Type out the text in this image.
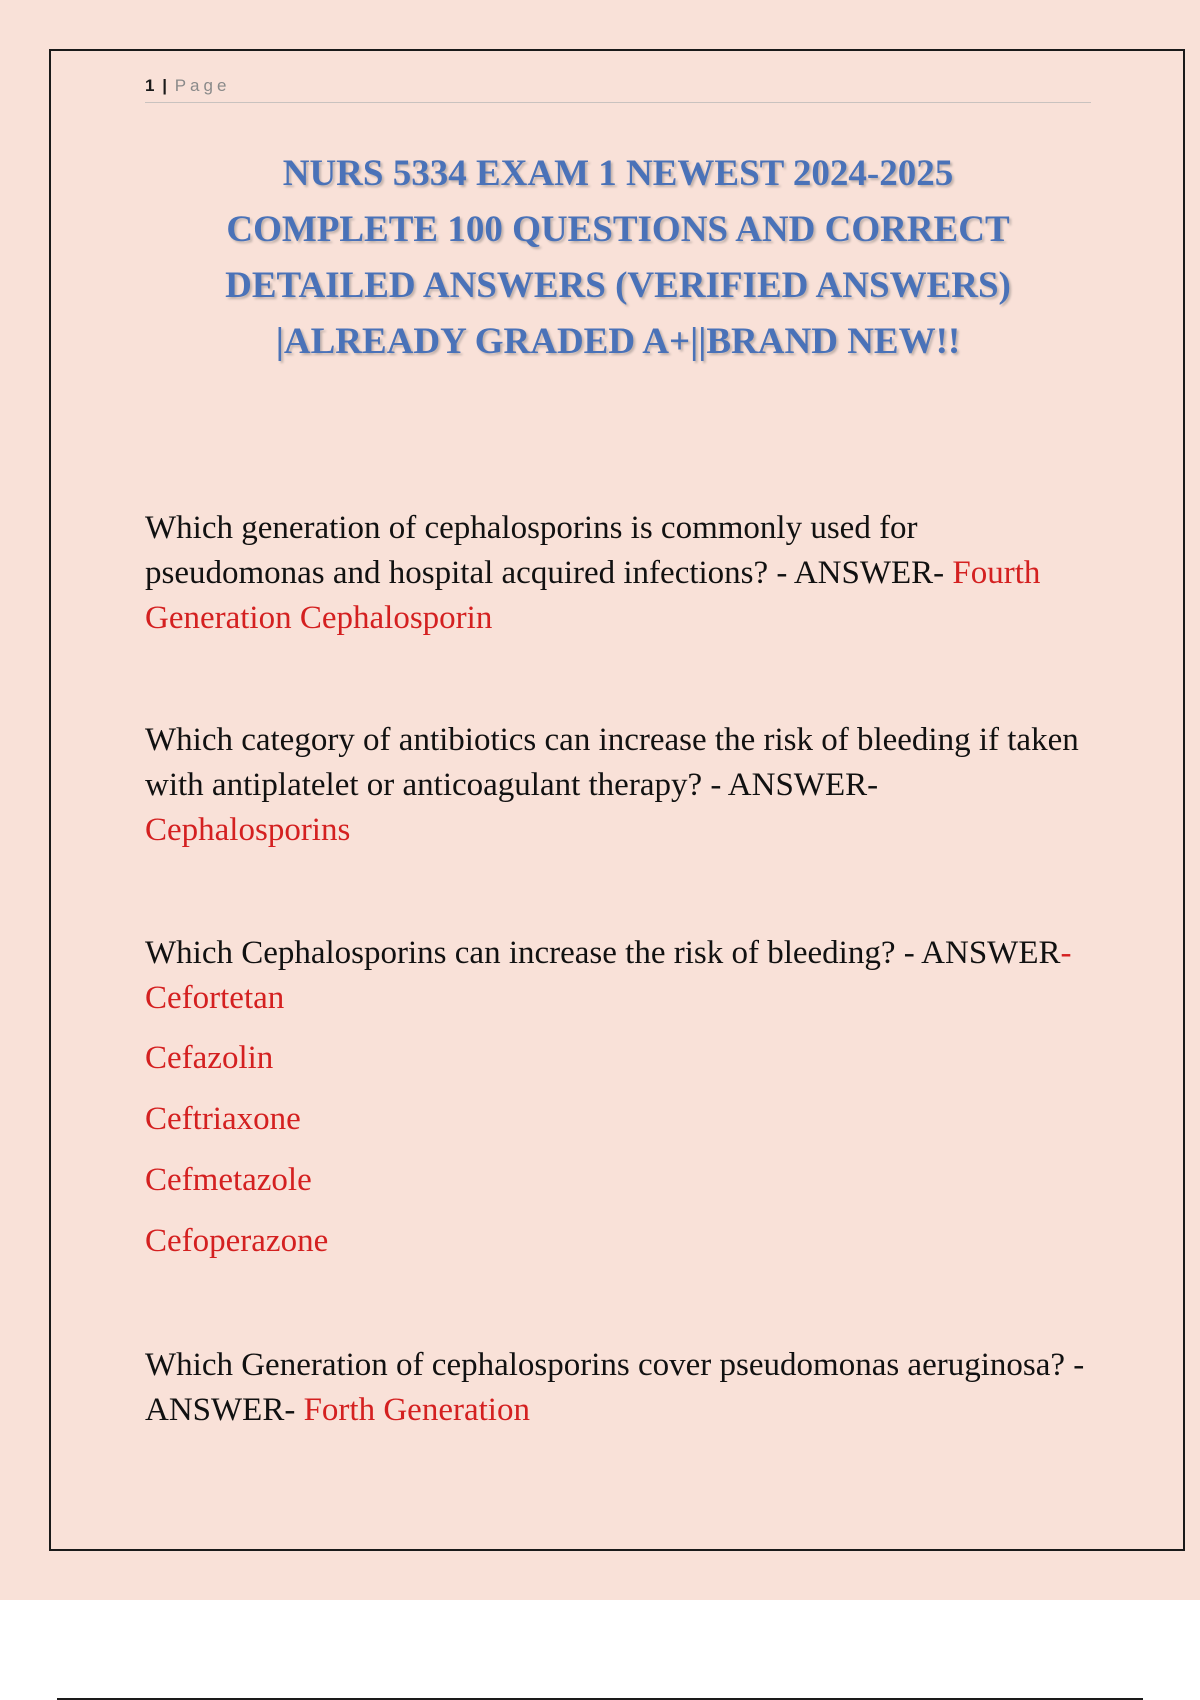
1 | Page
NURS 5334 EXAM 1 NEWEST 2024-2025
COMPLETE 100 QUESTIONS AND CORRECT
DETAILED ANSWERS (VERIFIED ANSWERS)
|ALREADY GRADED A+||BRAND NEW!!
Which generation of cephalosporins is commonly used for pseudomonas and hospital acquired infections? - ANSWER- Fourth Generation Cephalosporin
Which category of antibiotics can increase the risk of bleeding if taken with antiplatelet or anticoagulant therapy? - ANSWER- Cephalosporins
Which Cephalosporins can increase the risk of bleeding? - ANSWER- Cefortetan
Cefazolin
Ceftriaxone
Cefmetazole
Cefoperazone
Which Generation of cephalosporins cover pseudomonas aeruginosa? - ANSWER- Forth Generation
